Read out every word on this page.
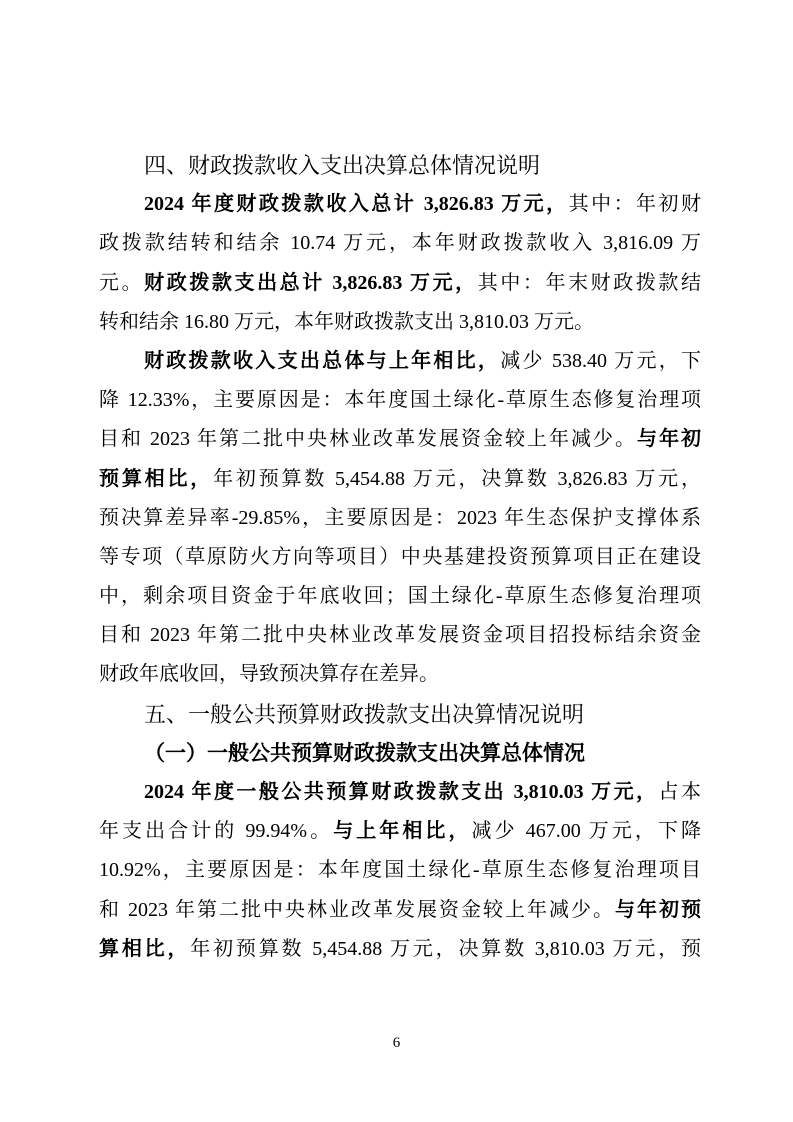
四、财政拨款收入支出决算总体情况说明
2024 年度财政拨款收入总计 3,826.83 万元，其中：年初财
政拨款结转和结余 10.74 万元，本年财政拨款收入 3,816.09 万
元。财政拨款支出总计 3,826.83 万元，其中：年末财政拨款结
转和结余 16.80 万元，本年财政拨款支出 3,810.03 万元。
财政拨款收入支出总体与上年相比，减少 538.40 万元，下
降 12.33%，主要原因是：本年度国土绿化-草原生态修复治理项
目和 2023 年第二批中央林业改革发展资金较上年减少。与年初
预算相比，年初预算数 5,454.88 万元，决算数 3,826.83 万元，
预决算差异率-29.85%，主要原因是：2023 年生态保护支撑体系
等专项（草原防火方向等项目）中央基建投资预算项目正在建设
中，剩余项目资金于年底收回；国土绿化-草原生态修复治理项
目和 2023 年第二批中央林业改革发展资金项目招投标结余资金
财政年底收回，导致预决算存在差异。
五、一般公共预算财政拨款支出决算情况说明
（一）一般公共预算财政拨款支出决算总体情况
2024 年度一般公共预算财政拨款支出 3,810.03 万元，占本
年支出合计的 99.94%。与上年相比，减少 467.00 万元，下降
10.92%，主要原因是：本年度国土绿化-草原生态修复治理项目
和 2023 年第二批中央林业改革发展资金较上年减少。与年初预
算相比，年初预算数 5,454.88 万元，决算数 3,810.03 万元，预
6
